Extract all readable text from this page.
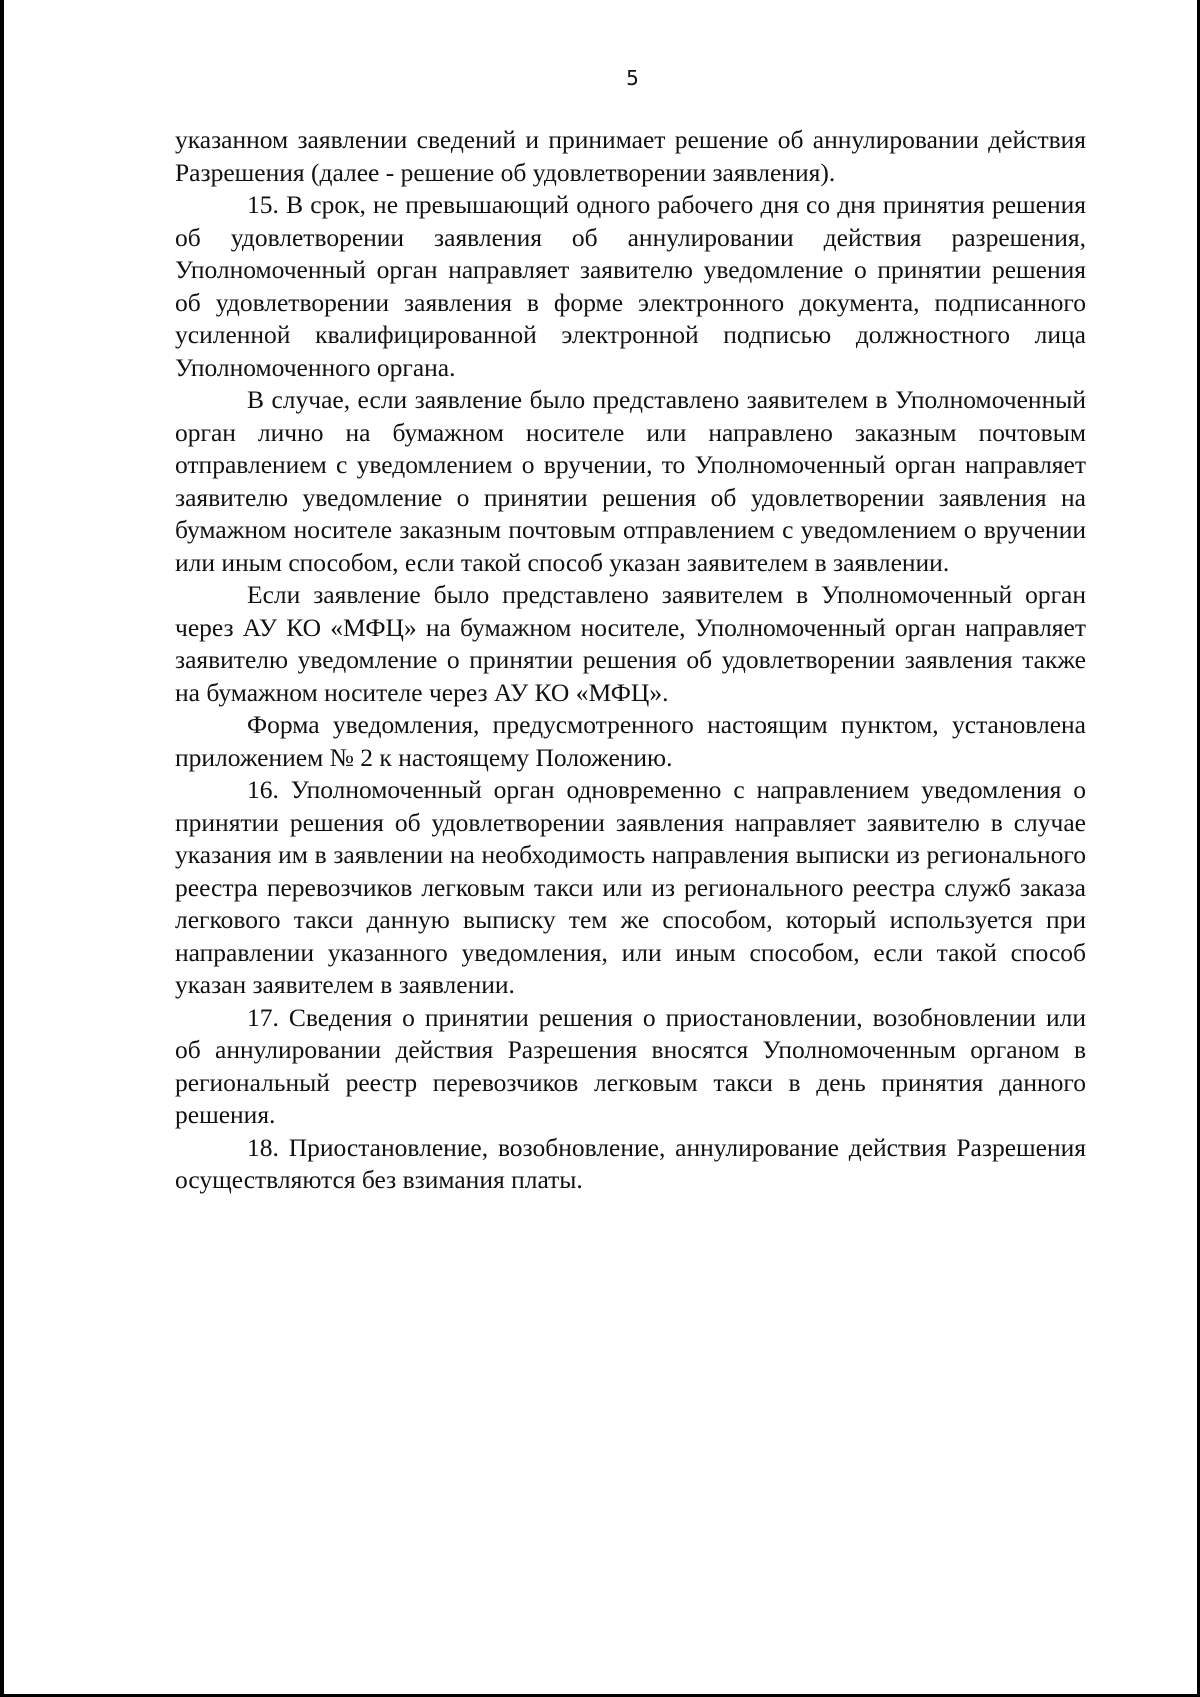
5

указанном заявлении сведений и принимает решение об аннулировании действия Разрешения (далее - решение об удовлетворении заявления).

15. В срок, не превышающий одного рабочего дня со дня принятия решения об удовлетворении заявления об аннулировании действия разрешения, Уполномоченный орган направляет заявителю уведомление о принятии решения об удовлетворении заявления в форме электронного документа, подписанного усиленной квалифицированной электронной подписью должностного лица Уполномоченного органа.

В случае, если заявление было представлено заявителем в Уполномоченный орган лично на бумажном носителе или направлено заказным почтовым отправлением с уведомлением о вручении, то Уполномоченный орган направляет заявителю уведомление о принятии решения об удовлетворении заявления на бумажном носителе заказным почтовым отправлением с уведомлением о вручении или иным способом, если такой способ указан заявителем в заявлении.

Если заявление было представлено заявителем в Уполномоченный орган через АУ КО «МФЦ» на бумажном носителе, Уполномоченный орган направляет заявителю уведомление о принятии решения об удовлетворении заявления также на бумажном носителе через АУ КО «МФЦ».

Форма уведомления, предусмотренного настоящим пунктом, установлена приложением № 2 к настоящему Положению.

16. Уполномоченный орган одновременно с направлением уведомления о принятии решения об удовлетворении заявления направляет заявителю в случае указания им в заявлении на необходимость направления выписки из регионального реестра перевозчиков легковым такси или из регионального реестра служб заказа легкового такси данную выписку тем же способом, который используется при направлении указанного уведомления, или иным способом, если такой способ указан заявителем в заявлении.

17. Сведения о принятии решения о приостановлении, возобновлении или об аннулировании действия Разрешения вносятся Уполномоченным органом в региональный реестр перевозчиков легковым такси в день принятия данного решения.

18. Приостановление, возобновление, аннулирование действия Разрешения осуществляются без взимания платы.
